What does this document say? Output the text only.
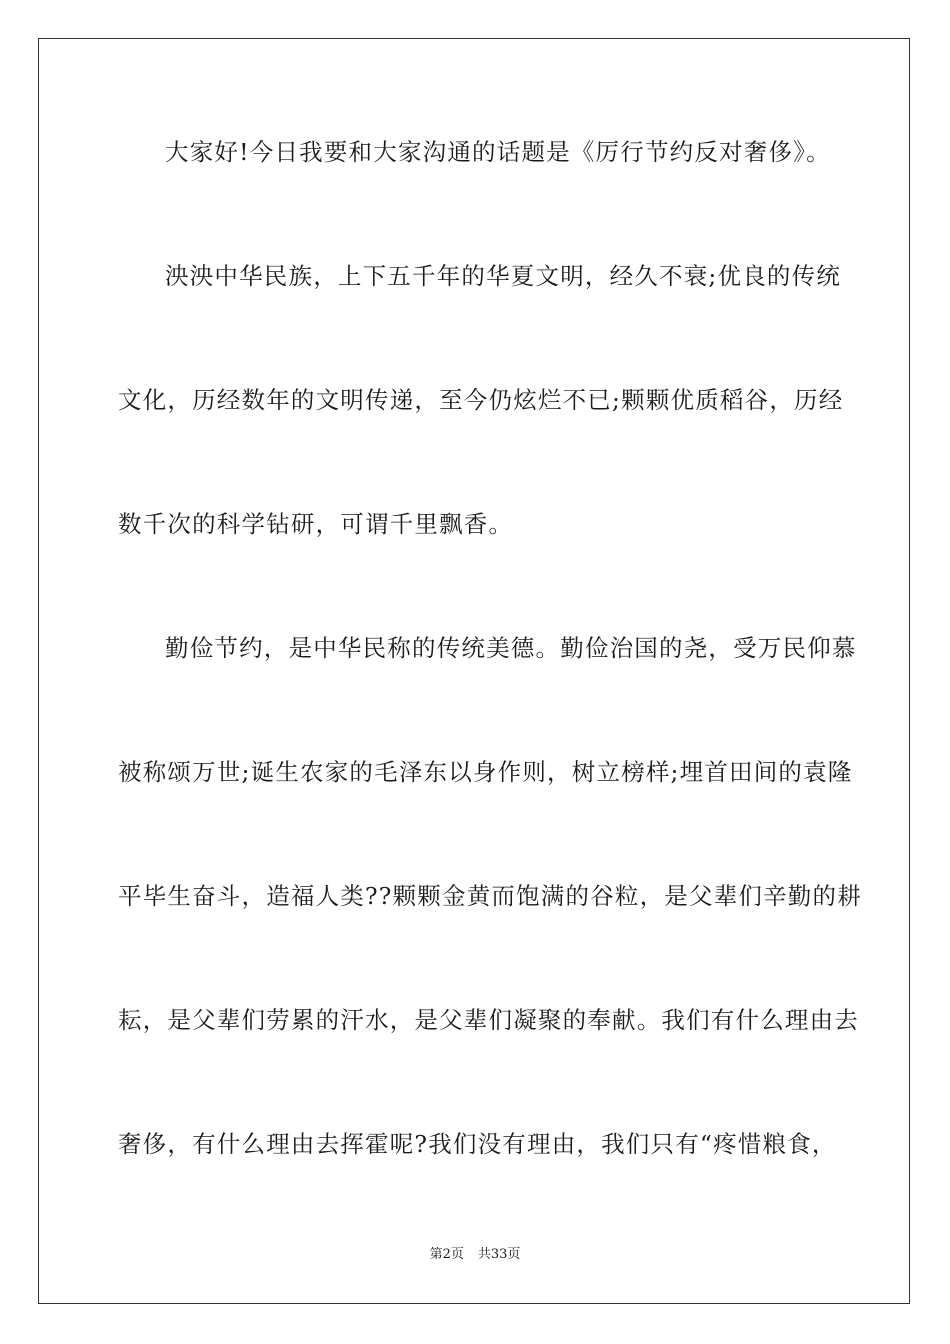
大家好!今日我要和大家沟通的话题是《厉行节约反对奢侈》。
泱泱中华民族，上下五千年的华夏文明，经久不衰;优良的传统
文化，历经数年的文明传递，至今仍炫烂不已;颗颗优质稻谷，历经
数千次的科学钻研，可谓千里飘香。
勤俭节约，是中华民称的传统美德。勤俭治国的尧，受万民仰慕
被称颂万世;诞生农家的毛泽东以身作则，树立榜样;埋首田间的袁隆
平毕生奋斗，造福人类??颗颗金黄而饱满的谷粒，是父辈们辛勤的耕
耘，是父辈们劳累的汗水，是父辈们凝聚的奉献。我们有什么理由去
奢侈，有什么理由去挥霍呢?我们没有理由，我们只有“疼惜粮食，
第2页 共33页
